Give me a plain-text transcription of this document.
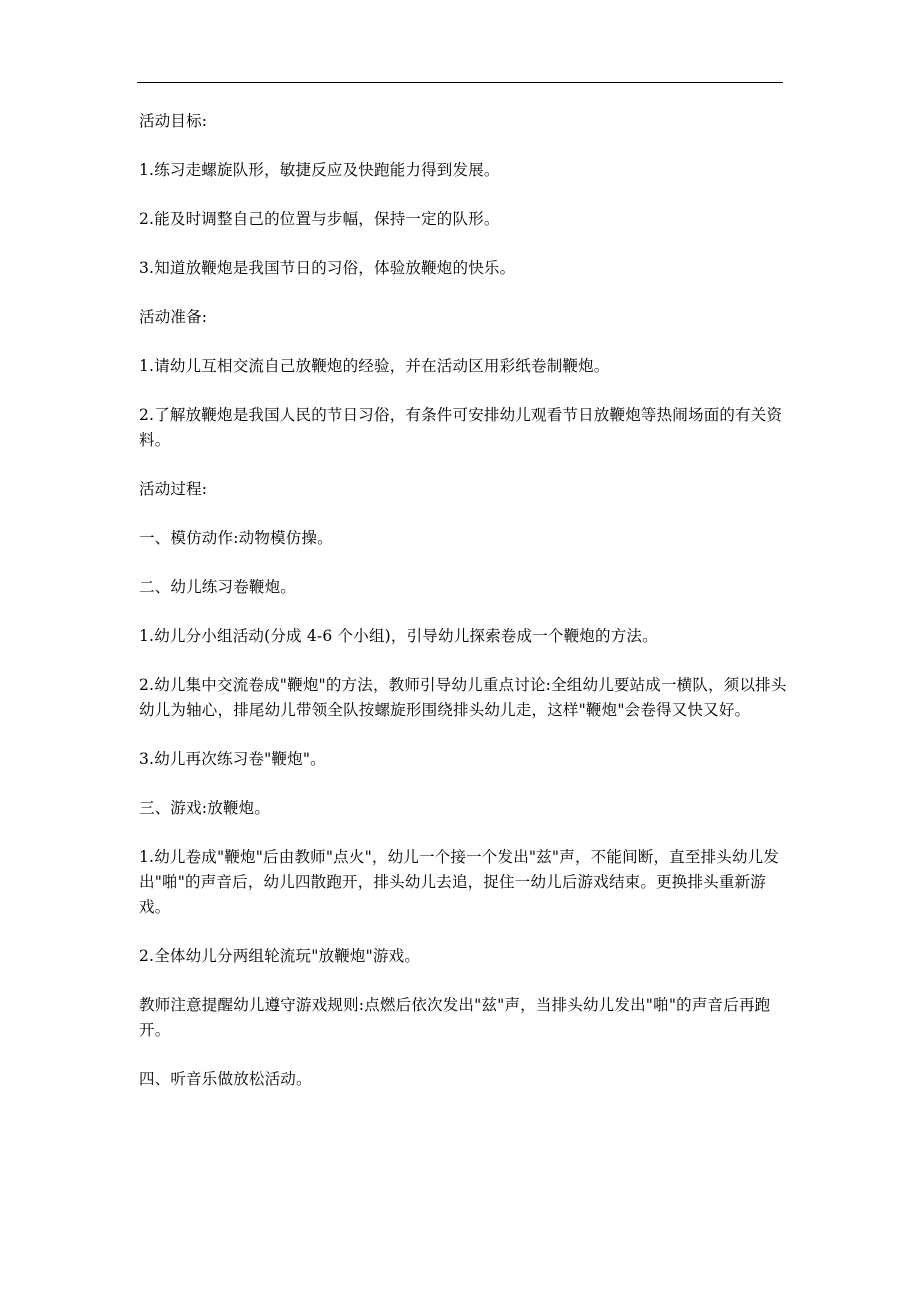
活动目标:

1.练习走螺旋队形，敏捷反应及快跑能力得到发展。

2.能及时调整自己的位置与步幅，保持一定的队形。

3.知道放鞭炮是我国节日的习俗，体验放鞭炮的快乐。

活动准备:

1.请幼儿互相交流自己放鞭炮的经验，并在活动区用彩纸卷制鞭炮。

2.了解放鞭炮是我国人民的节日习俗，有条件可安排幼儿观看节日放鞭炮等热闹场面的有关资料。

活动过程:

一、模仿动作:动物模仿操。

二、幼儿练习卷鞭炮。

1.幼儿分小组活动(分成 4-6 个小组)，引导幼儿探索卷成一个鞭炮的方法。

2.幼儿集中交流卷成"鞭炮"的方法，教师引导幼儿重点讨论:全组幼儿要站成一横队，须以排头幼儿为轴心，排尾幼儿带领全队按螺旋形围绕排头幼儿走，这样"鞭炮"会卷得又快又好。

3.幼儿再次练习卷"鞭炮"。

三、游戏:放鞭炮。

1.幼儿卷成"鞭炮"后由教师"点火"，幼儿一个接一个发出"兹"声，不能间断，直至排头幼儿发出"啪"的声音后，幼儿四散跑开，排头幼儿去追，捉住一幼儿后游戏结束。更换排头重新游戏。

2.全体幼儿分两组轮流玩"放鞭炮"游戏。

教师注意提醒幼儿遵守游戏规则:点燃后依次发出"兹"声，当排头幼儿发出"啪"的声音后再跑开。

四、听音乐做放松活动。
